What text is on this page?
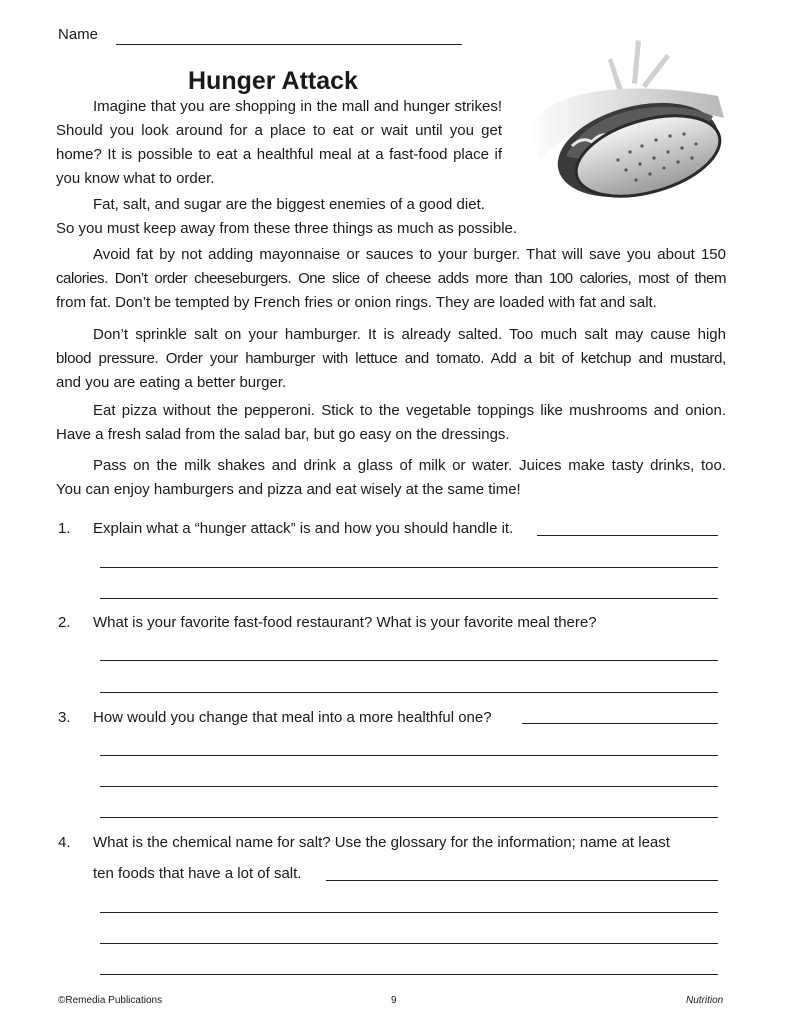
Name
Hunger Attack
Imagine that you are shopping in the mall and hunger strikes!
Should you look around for a place to eat or wait until you get
home? It is possible to eat a healthful meal at a fast-food place if
you know what to order.
Fat, salt, and sugar are the biggest enemies of a good diet.
So you must keep away from these three things as much as possible.
Avoid fat by not adding mayonnaise or sauces to your burger. That will save you about 150
calories. Don’t order cheeseburgers. One slice of cheese adds more than 100 calories, most of them
from fat. Don’t be tempted by French fries or onion rings. They are loaded with fat and salt.
Don’t sprinkle salt on your hamburger. It is already salted. Too much salt may cause high
blood pressure. Order your hamburger with lettuce and tomato. Add a bit of ketchup and mustard,
and you are eating a better burger.
Eat pizza without the pepperoni. Stick to the vegetable toppings like mushrooms and onion.
Have a fresh salad from the salad bar, but go easy on the dressings.
Pass on the milk shakes and drink a glass of milk or water. Juices make tasty drinks, too.
You can enjoy hamburgers and pizza and eat wisely at the same time!
1. Explain what a “hunger attack” is and how you should handle it.
2. What is your favorite fast-food restaurant? What is your favorite meal there?
3. How would you change that meal into a more healthful one?
4. What is the chemical name for salt? Use the glossary for the information; name at least
ten foods that have a lot of salt.
©Remedia Publications	9	Nutrition
